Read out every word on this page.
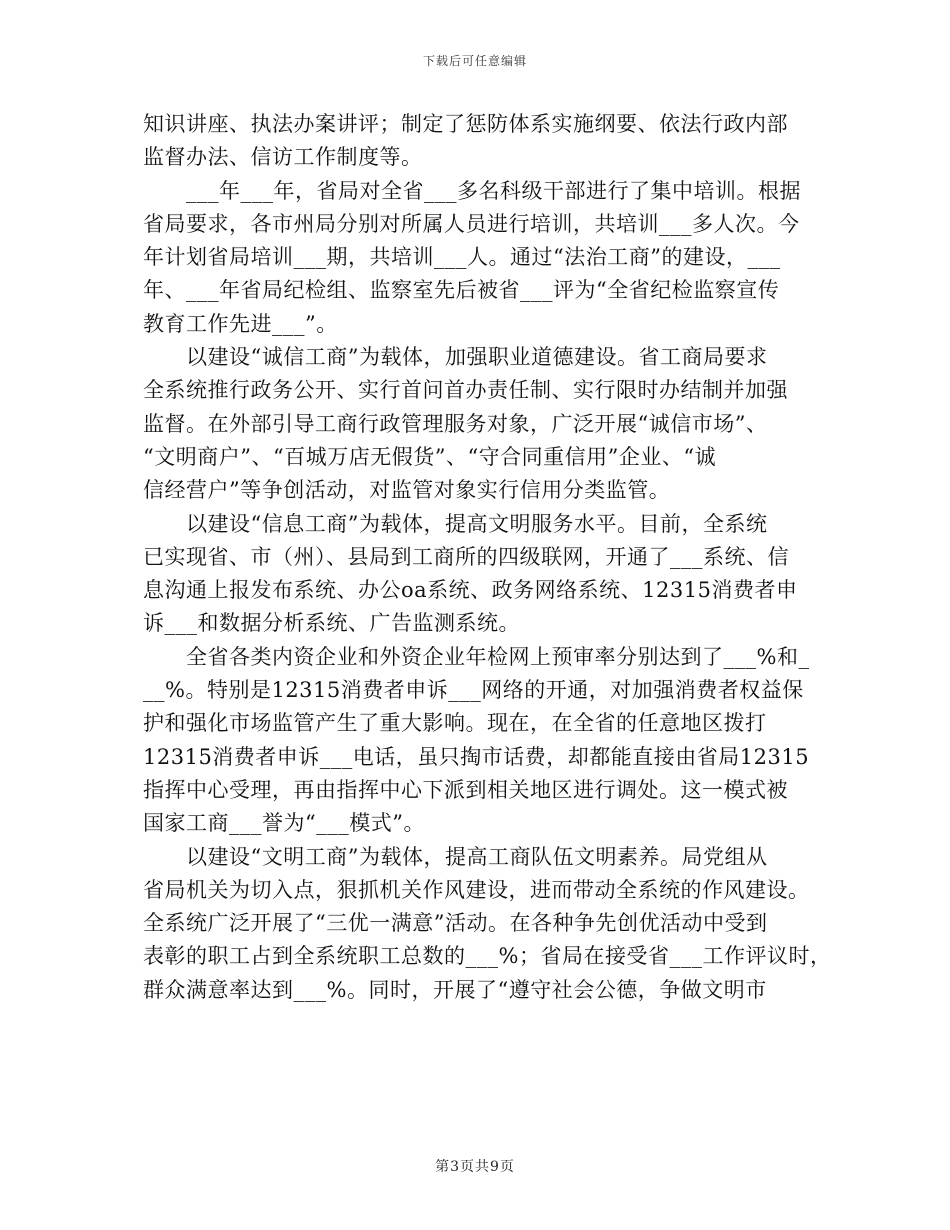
下载后可任意编辑
知识讲座、执法办案讲评；制定了惩防体系实施纲要、依法行政内部
监督办法、信访工作制度等。
　　___年___年，省局对全省___多名科级干部进行了集中培训。根据
省局要求，各市州局分别对所属人员进行培训，共培训___多人次。今
年计划省局培训___期，共培训___人。通过“法治工商”的建设，___
年、___年省局纪检组、监察室先后被省___评为“全省纪检监察宣传
教育工作先进___”。
　　以建设“诚信工商”为载体，加强职业道德建设。省工商局要求
全系统推行政务公开、实行首问首办责任制、实行限时办结制并加强
监督。在外部引导工商行政管理服务对象，广泛开展“诚信市场”、
“文明商户”、“百城万店无假货”、“守合同重信用”企业、“诚
信经营户”等争创活动，对监管对象实行信用分类监管。
　　以建设“信息工商”为载体，提高文明服务水平。目前，全系统
已实现省、市（州）、县局到工商所的四级联网，开通了___系统、信
息沟通上报发布系统、办公oa系统、政务网络系统、12315消费者申
诉___和数据分析系统、广告监测系统。
　　全省各类内资企业和外资企业年检网上预审率分别达到了___%和_
__%。特别是12315消费者申诉___网络的开通，对加强消费者权益保
护和强化市场监管产生了重大影响。现在，在全省的任意地区拨打
12315消费者申诉___电话，虽只掏市话费，却都能直接由省局12315
指挥中心受理，再由指挥中心下派到相关地区进行调处。这一模式被
国家工商___誉为“___模式”。
　　以建设“文明工商”为载体，提高工商队伍文明素养。局党组从
省局机关为切入点，狠抓机关作风建设，进而带动全系统的作风建设。
全系统广泛开展了“三优一满意”活动。在各种争先创优活动中受到
表彰的职工占到全系统职工总数的___%；省局在接受省___工作评议时，
群众满意率达到___%。同时，开展了“遵守社会公德，争做文明市
第3页共9页
